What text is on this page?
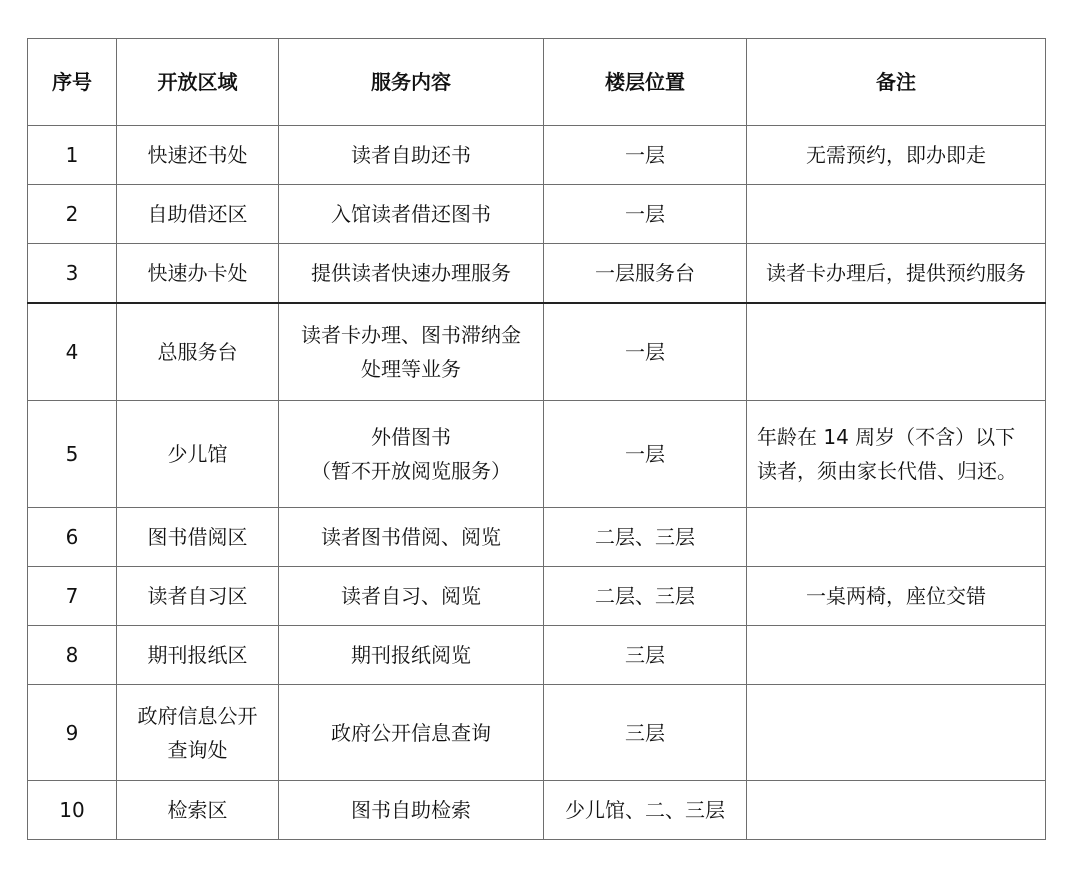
序号	开放区域	服务内容	楼层位置	备注
1	快速还书处	读者自助还书	一层	无需预约，即办即走

2	自助借还区	入馆读者借还图书	一层	

3	快速办卡处	提供读者快速办理服务	一层服务台	读者卡办理后，提供预约服务

4	总服务台	读者卡办理、图书滞纳金
处理等业务	一层	

5	少儿馆	外借图书
（暂不开放阅览服务）	一层	年龄在 14 周岁（不含）以下
读者，须由家长代借、归还。

6	图书借阅区	读者图书借阅、阅览	二层、三层	

7	读者自习区	读者自习、阅览	二层、三层	一桌两椅，座位交错

8	期刊报纸区	期刊报纸阅览	三层	

9	政府信息公开
查询处	政府公开信息查询	三层	

10	检索区	图书自助检索	少儿馆、二、三层	
